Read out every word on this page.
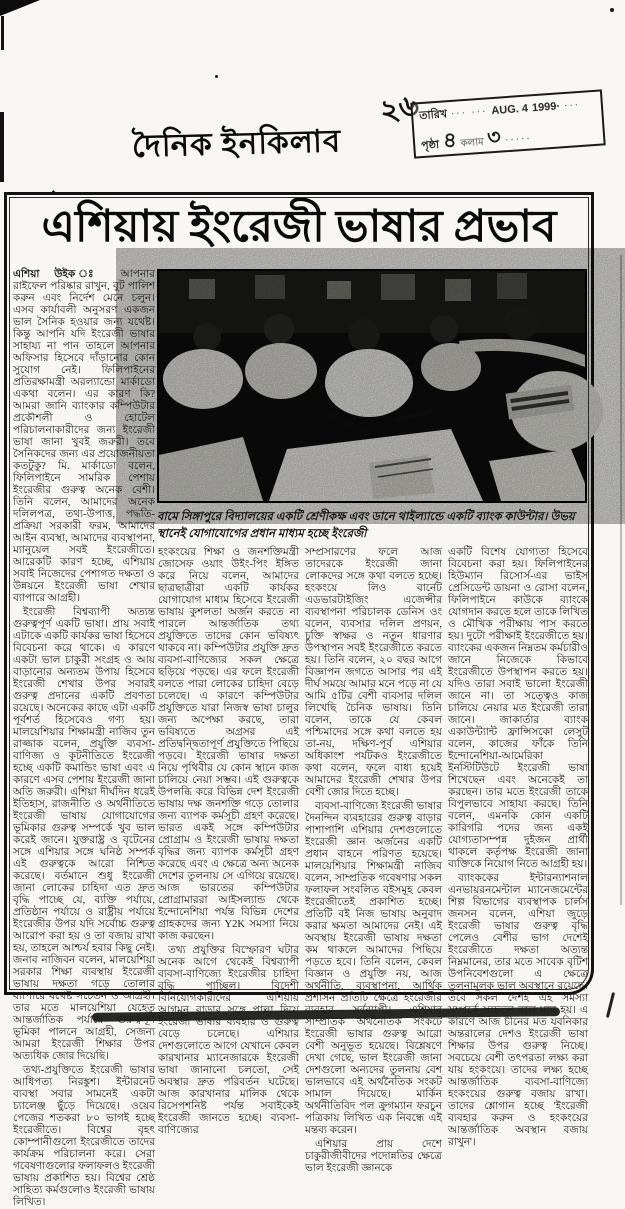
২৬
দৈনিক ইনকিলাব
তারিখ ··· ··· AUG. 4 1999· ···
পৃষ্ঠা ৪ কলাম ৩ ·····
এশিয়ায় ইংরেজী ভাষার প্রভাব

এশিয়া উইক ঃ আপনার রাইফেল পরিষ্কার রাখুন, বুট পালিশ করুন এবং নির্দেশ মেনে চলুন। এসব কার্যাবলী অনুসরণ একজন ভাল সৈনিক হওয়ার জন্য যথেষ্ট। কিন্তু আপনি যদি ইংরেজী ভাষার সাহায্য না পান তাহলে আপনার অফিসার হিসেবে দাঁড়ানোর কোন সুযোগ নেই। ফিলিপাইনের প্রতিরক্ষামন্ত্রী অরল্যান্ডো মার্কাডো একথা বলেন। এর কারণ কি? আমরা জানি ব্যাংকার কম্পিউটার প্রকৌশলী ও হোটেল পরিচালনাকারীদের জন্য ইংরেজী ভাষা জানা খুবই জরুরী। তবে সৈনিকদের জন্য এর প্রয়োজনীয়তা কতটুকু? মি. মার্কাডো বলেন, ফিলিপাইনে সামরিক পেশায় ইংরেজীর গুরুত্ব অনেক বেশী। তিনি বলেন, আমাদের অনেক দলিলপত্র, তথ্য-উপাত্ত, পদ্ধতি-প্রক্রিয়া সরকারী ফরম, আমাদের আইন ব্যবস্থা, আমাদের ব্যবস্থাপনা, ম্যানুয়েল সবই ইংরেজীতে। আরেকটি কারণ হচ্ছে, এশিয়ায় সবাই নিজেদের পেশাগত দক্ষতা ও উন্নয়নে ইংরেজী ভাষা শেখার ব্যাপারে আগ্রহী।

ইংরেজী বিশ্বব্যাপী অত্যন্ত গুরুত্বপূর্ণ একটি ভাষা। প্রায় সবাই এটাকে একটি কার্যকর ভাষা হিসেবে বিবেচনা করে থাকে। এ কারণে একটা ভাল চাকুরী সংগ্রহ ও আয় বাড়ানোর অন্যতম উপায় হিসেবে ইংরেজী শেখার উপর সবারই গুরুত্ব প্রদানের একটি প্রবণতা রয়েছে। অনেকের কাছে এটা একটি পূর্বশর্ত হিসেবেও গণ্য হয়। মালয়েশিয়ার শিক্ষামন্ত্রী নাজিব তুন রাজ্জাক বলেন, প্রযুক্তি ব্যবসা-বাণিজ্য ও কূটনীতিতে ইংরেজী হচ্ছে একটি কমান্ডিং ভাষা এবং এ কারণে এসব পেশায় ইংরেজী জানা অতি জরুরী। এশিয়া দীর্ঘদিন ধরেই ইতিহাস, রাজনীতি ও অর্থনীতিতে ইংরেজী ভাষায় যোগাযোগের ভূমিকার গুরুত্ব সম্পর্কে খুব ভাল করেই জানে। যুক্তরাষ্ট্র ও বৃটেনের সঙ্গে এশিয়ার সঙ্গে ঘনিষ্ঠ সম্পর্ক এই গুরুত্বকে আরো নিশ্চিত করেছে। বর্তমানে শুধু ইংরেজী জানা লোকের চাহিদা এত দ্রুত বৃদ্ধি পাচ্ছে যে, ব্যক্তি পর্যায়ে, প্রতিষ্ঠান পর্যায়ে ও রাষ্ট্রীয় পর্যায়ে ইংরেজীর উপর যদি সর্বোচ্চ গুরুত্ব আরোপ করা হয় ও তা বজায় রাখা হয়, তাহলে আশ্চর্য হবার কিছু নেই। জনাব নাজিবন বলেন, মালয়েশিয়া সরকার শিক্ষা ব্যবস্থায় ইংরেজী ভাষায় দক্ষতা গড়ে তোলার ব্যাপারে যথেষ্ট সচেতন ও আগ্রহী। তার মতে মালয়েশিয়া যেহেতু আন্তর্জাতিক পর্যায়ে গুরুত্বপূর্ণ ভূমিকা পালনে আগ্রহী, সেজন্য আমরা ইংরেজী শিক্ষার উপর অত্যধিক জোর দিয়েছি।

তথ্য-প্রযুক্তিতে ইংরেজী ভাষার আধিপত্য নিরঙ্কুশ। ইন্টারনেট ব্যবস্থা সবার সামনেই একটা চ্যালেঞ্জ ছুঁড়ে দিয়েছে। ওয়েব পেজের শতকরা ৮০ ভাগই হচ্ছে ইংরেজীতে। বিশ্বের বৃহৎ কোম্পানীগুলো ইংরেজীতে তাদের কার্যক্রম পরিচালনা করে। সেরা গবেষণাগুলোর ফলাফলও ইংরেজী ভাষায় প্রকাশিত হয়। বিশ্বের শ্রেষ্ঠ সাহিত্য কর্মগুলোও ইংরেজী ভাষায় লিখিত।

বামে সিঙ্গাপুরে বিদ্যালয়ের একটি শ্রেণীকক্ষ এবং ডানে থাইল্যান্ডে একটি ব্যাংক কাউন্টার। উভয় স্থানেই যোগাযোগের প্রধান মাধ্যম হচ্ছে ইংরেজী

হংকংয়ের শিক্ষা ও জনশক্তিমন্ত্রী জোসেফ ওয়াং উইং-পিং ইঙ্গিত করে নিয়ে বলেন, আমাদের ছাত্রছাত্রীরা একটি কার্যকর যোগাযোগ মাধ্যম হিসেবে ইংরেজী ভাষায় কুশলতা অর্জন করতে না পারলে আন্তর্জাতিক তথ্য প্রযুক্তিতে তাদের কোন ভবিষ্যৎ থাকবে না। কম্পিউটার প্রযুক্তি দ্রুত ব্যবসা-বাণিজ্যের সকল ক্ষেত্রে ছড়িয়ে পড়ছে। এর ফলে ইংরেজী বলতে পারা লোকের চাহিদা বেড়ে চলেছে। এ কারণে কম্পিউটার প্রযুক্তিতে যারা নিজস্ব ভাষা চালুর জন্য অপেক্ষা করছে, তারা ভবিষ্যতে অগ্রসর এই প্রতিদ্বন্দ্বিতাপূর্ণ প্রযুক্তিতে পিছিয়ে পড়বে। ইংরেজী ভাষার দক্ষতা নিয়ে পৃথিবীর যে কোন স্থানে কাজ চালিয়ে নেয়া সম্ভব। এই গুরুত্বকে উপলব্ধি করে বিভিন্ন দেশ ইংরেজী ভাষায় দক্ষ জনশক্তি গড়ে তোলার জন্য ব্যাপক কর্মসূচী গ্রহণ করেছে। ভারত একই সঙ্গে কম্পিউটার প্রোগ্রাম ও ইংরেজী ভাষায় দক্ষতা বৃদ্ধির জন্য ব্যাপক কর্মসূচী গ্রহণ করেছে এবং এ ক্ষেত্রে অন্য অনেক দেশের তুলনায় সে এগিয়ে রয়েছে। আজ ভারতের কম্পিউটার প্রোগ্রামাররা আইসল্যান্ড থেকে ইন্দোনেশিয়া পর্যন্ত বিভিন্ন দেশের গ্রাহকদের জন্য Y2K সমস্যা নিয়ে কাজ করছেন।

তথ্য প্রযুক্তির বিস্ফোরণ ঘটার অনেক আগে থেকেই বিশ্বব্যাপী ব্যবসা-বাণিজ্যে ইংরেজীর চাহিদা বৃদ্ধি পাচ্ছিল। বিদেশী বিনিয়োগকারীদের এশিয়ায় আগমন বাড়ার সঙ্গে পাল্লা দিয়ে ইংরেজী ভাষার ব্যবহার ও গুরুত্ব বেড়ে চলেছে। এশিয়ার দেশগুলোতে আগে যেখানে কেবল কারখানার ম্যানেজারকে ইংরেজী ভাষা জানানো চলতো, সেই অবস্থার দ্রুত পরিবর্তন ঘটেছে। আজ কারখানার মালিক থেকে রিসেপশনিষ্ট পর্যন্ত সবাইকেই ইংরেজী জানতে হচ্ছে। ব্যবসা-বাণিজ্যের

সম্প্রসারণের ফলে আজ তাদেরকে ইংরেজী জানা লোকদের সঙ্গে কথা বলতে হচ্ছে। হংকংয়ে লিও বার্নেট এডভারটাইজিং এজেন্সীর ব্যবস্থাপনা পরিচালক ডেনিস ওং বলেন, ব্যবসার দলিল প্রণয়ন, চুক্তি স্বাক্ষর ও নতুন ধারণার উপস্থাপন সবই ইংরেজীতে করতে হয়। তিনি বলেন, ২০ বছর আগে বিজ্ঞাপন জগতে আসার পর এই দীর্ঘ সময়ে আমার মনে পড়ে না যে আমি ৫টির বেশী ব্যবসার দলিল লিখেছি চৈনিক ভাষায়। তিনি বলেন, তাকে যে কেবল পশ্চিমাদের সঙ্গে কথা বলতে হয় তা-নয়, দক্ষিণ-পূর্ব এশিয়ার অধিকাংশ পর্যটকও ইংরেজীতে কথা বলেন, ফলে বাধ্য হয়েই আমাদের ইংরেজী শেখার উপর বেশী জোর দিতে হচ্ছে।

ব্যবসা-বাণিজ্যে ইংরেজী ভাষার দৈনন্দিন ব্যবহারের গুরুত্ব বাড়ার পাশাপাশি এশিয়ার দেশগুলোতে ইংরেজী জ্ঞান অর্জনের একটি প্রধান বাহনে পরিণত হয়েছে। মালয়েশিয়ার শিক্ষামন্ত্রী নাজিব বলেন, সাম্প্রতিক গবেষণার সকল ফলাফল সংবলিত বইসমূহ কেবল ইংরেজীতেই প্রকাশিত হচ্ছে। প্রতিটি বই নিজ ভাষায় অনুবাদ করার ক্ষমতা আমাদের নেই। এই অবস্থায় ইংরেজী ভাষায় দক্ষতা কম থাকলে আমাদের পিছিয়ে পড়তে হবে। তিনি বলেন, কেবল বিজ্ঞান ও প্রযুক্তি নয়, আজ অর্থনীতি, ব্যবস্থাপনা, আর্থিক প্রশাসন প্রতিটি ক্ষেত্রে ইংরেজীর ব্যবহার সর্বব্যাপী। এশিয়ার সাম্প্রতিক অর্থনৈতিক সংকটে ইংরেজী ভাষার গুরুত্ব আরো বেশী অনুভূত হয়েছে। বিশ্লেষণে দেখা গেছে, ভাল ইংরেজী জানা দেশগুলো অন্যদের তুলনায় বেশ ভালভাবে এই অর্থনৈতিক সংকট সামাল দিয়েছে। মার্কিন অর্থনীতিবিদ পল ক্রুগম্যান ফরচুন পত্রিকায় লিখিত এক নিবন্ধে এই মন্তব্য করেন।

এশিয়ার প্রায় দেশে চাকুরীজীবীদের পদোন্নতির ক্ষেত্রে ভাল ইংরেজী জ্ঞানকে

একটি বিশেষ যোগ্যতা হিসেবে বিবেচনা করা হয়। ফিলিপাইনের হিউম্যান রিসোর্স-এর ভাইস প্রেসিডেন্ট ডায়না ও রোসা বলেন, ফিলিপাইনে কাউকে ব্যাংকে যোগদান করতে হলে তাকে লিখিত ও মৌখিক পরীক্ষায় পাস করতে হয়। দুটো পরীক্ষাই ইংরেজীতে হয়। ব্যাংকের একজন নিম্নতম কর্মচারীও জানে নিজেকে কিভাবে ইংরেজীতে উপস্থাপন করতে হয়। যদিও তারা সবাই ভালো ইংরেজী জানে না। তা সত্ত্বেও কাজ চালিয়ে নেয়ার মত ইংরেজী তারা জানে। জাকার্তার ব্যাংক একাউন্ট্যান্ট ফ্রান্সিসকো লেসুট বলেন, কাজের ফাঁকে তিনি ইন্দোনেশিয়া-আমেরিকা ইনস্টিটিউটে ইংরেজী ভাষা শিখেছেন এবং অনেকেই তা করছেন। তার মতে ইংরেজী তাকে বিপুলভাবে সাহায্য করছে। তিনি বলেন, এমনকি কোন একটি কারিগরি পদের জন্য একই যোগ্যতাসম্পন্ন দুইজন প্রার্থী থাকলে কর্তৃপক্ষ ইংরেজী জানা ব্যক্তিকে নিয়োগ নিতে আগ্রহী হয়।

ব্যাংককের ইন্টারন্যাশনাল এনভায়রনমেন্টাল ম্যানেজমেন্টের শিল্প বিভাগের ব্যবস্থাপক চার্লস জনসন বলেন, এশিয়া জুড়ে ইংরেজী ভাষার গুরুত্ব বৃদ্ধি পেলেও বেশীর ভাগ দেশেই ইংরেজীতে দক্ষতা অত্যন্ত নিম্নমানের, তার মতে সাবেক বৃটিশ উপনিবেশগুলো এ ক্ষেত্রে তুলনামূলক ভাল অবস্থানে রয়েছে। তবে সকল দেশই এই সমস্যা সম্পর্কে সচেতন বলে মনে হয়। এ কারণে আজ চীনের মত যবনিকার অন্তরালের দেশও ইংরেজী ভাষা শিক্ষার উপর গুরুত্ব নিচ্ছে। সবচেয়ে বেশী তৎপরতা লক্ষ্য করা যায় হংকংয়ে। তাদের লক্ষ্য হচ্ছে আন্তর্জাতিক ব্যবসা-বাণিজ্যে হংকংয়ের গুরুত্ব বজায় রাখা। তাদের শ্লোগান হচ্ছে 'ইংরেজী ব্যবহার করুন ও হংকংয়ের আন্তর্জাতিক অবস্থান বজায় রাখুন'।
